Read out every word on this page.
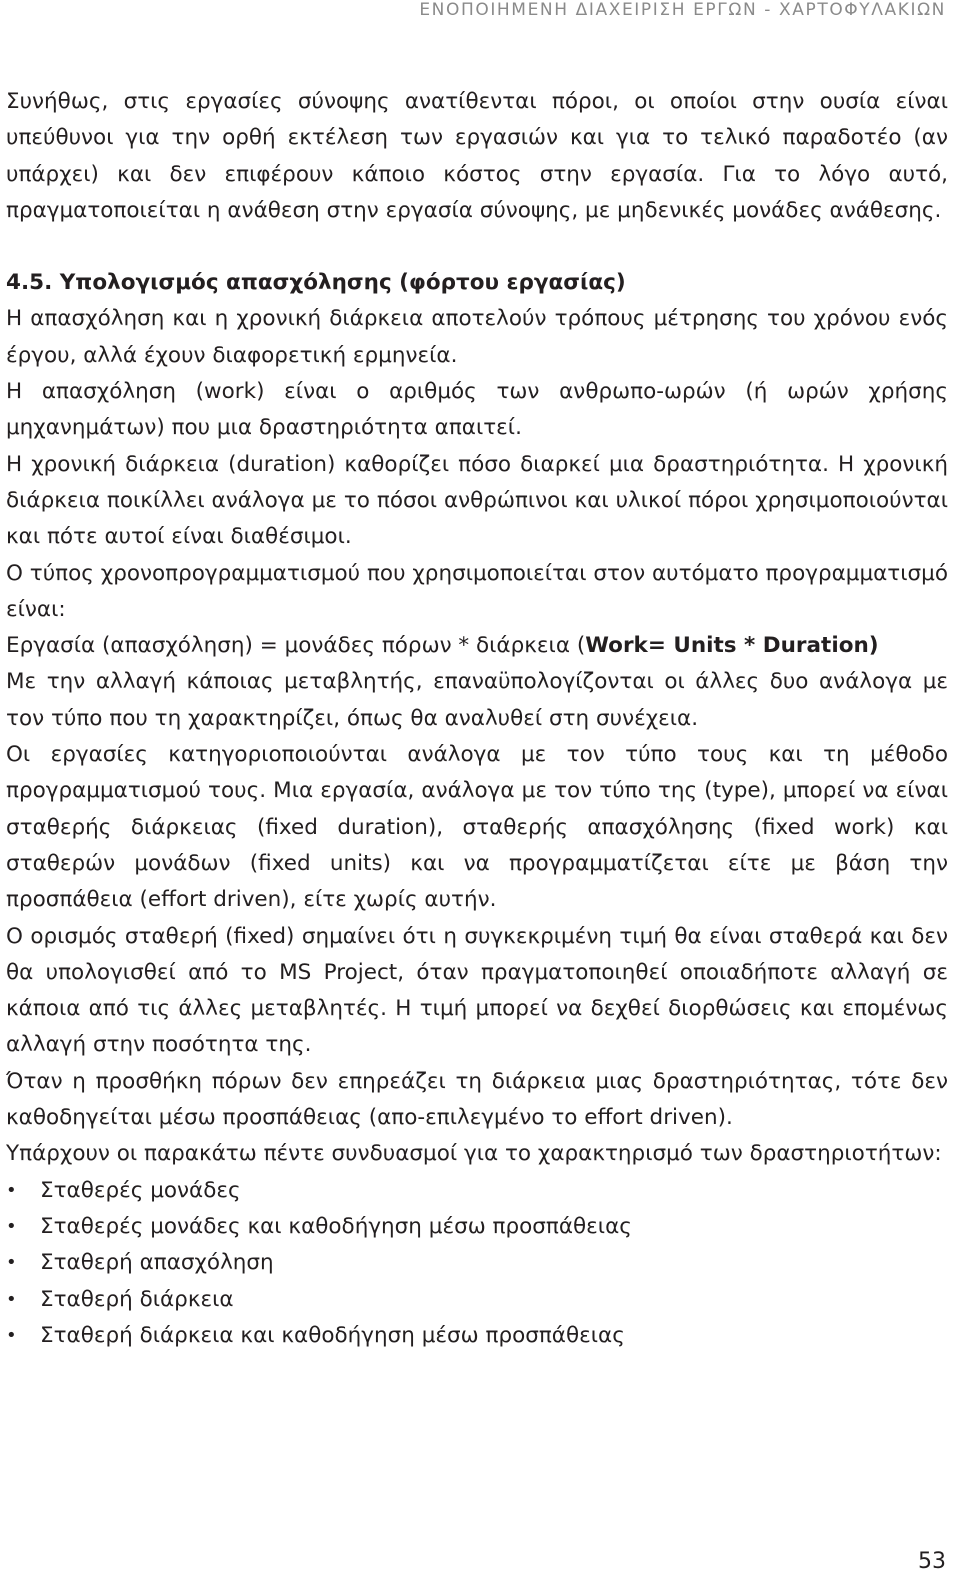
ΕΝΟΠΟΙΗΜΕΝΗ ΔΙΑΧΕΙΡΙΣΗ ΕΡΓΩΝ - ΧΑΡΤΟΦΥΛΑΚΙΩΝ

Συνήθως, στις εργασίες σύνοψης ανατίθενται πόροι, οι οποίοι στην ουσία είναι υπεύθυνοι για την ορθή εκτέλεση των εργασιών και για το τελικό παραδοτέο (αν υπάρχει) και δεν επιφέρουν κάποιο κόστος στην εργασία. Για το λόγο αυτό, πραγματοποιείται η ανάθεση στην εργασία σύνοψης, με μηδενικές μονάδες ανάθεσης.

4.5. Υπολογισμός απασχόλησης (φόρτου εργασίας)

Η απασχόληση και η χρονική διάρκεια αποτελούν τρόπους μέτρησης του χρόνου ενός έργου, αλλά έχουν διαφορετική ερμηνεία.

Η απασχόληση (work) είναι ο αριθμός των ανθρωπο-ωρών (ή ωρών χρήσης μηχανημάτων) που μια δραστηριότητα απαιτεί.

Η χρονική διάρκεια (duration) καθορίζει πόσο διαρκεί μια δραστηριότητα. Η χρονική διάρκεια ποικίλλει ανάλογα με το πόσοι ανθρώπινοι και υλικοί πόροι χρησιμοποιούνται και πότε αυτοί είναι διαθέσιμοι.

Ο τύπος χρονοπρογραμματισμού που χρησιμοποιείται στον αυτόματο προγραμματισμό είναι:

Εργασία (απασχόληση) = μονάδες πόρων * διάρκεια (Work= Units * Duration)

Με την αλλαγή κάποιας μεταβλητής, επαναϋπολογίζονται οι άλλες δυο ανάλογα με τον τύπο που τη χαρακτηρίζει, όπως θα αναλυθεί στη συνέχεια.

Οι εργασίες κατηγοριοποιούνται ανάλογα με τον τύπο τους και τη μέθοδο προγραμματισμού τους. Μια εργασία, ανάλογα με τον τύπο της (type), μπορεί να είναι σταθερής διάρκειας (fixed duration), σταθερής απασχόλησης (fixed work) και σταθερών μονάδων (fixed units) και να προγραμματίζεται είτε με βάση την προσπάθεια (effort driven), είτε χωρίς αυτήν.

Ο ορισμός σταθερή (fixed) σημαίνει ότι η συγκεκριμένη τιμή θα είναι σταθερά και δεν θα υπολογισθεί από το MS Project, όταν πραγματοποιηθεί οποιαδήποτε αλλαγή σε κάποια από τις άλλες μεταβλητές. Η τιμή μπορεί να δεχθεί διορθώσεις και επομένως αλλαγή στην ποσότητα της.

Όταν η προσθήκη πόρων δεν επηρεάζει τη διάρκεια μιας δραστηριότητας, τότε δεν καθοδηγείται μέσω προσπάθειας (απο-επιλεγμένο το effort driven).

Υπάρχουν οι παρακάτω πέντε συνδυασμοί για το χαρακτηρισμό των δραστηριοτήτων:

• Σταθερές μονάδες
• Σταθερές μονάδες και καθοδήγηση μέσω προσπάθειας
• Σταθερή απασχόληση
• Σταθερή διάρκεια
• Σταθερή διάρκεια και καθοδήγηση μέσω προσπάθειας
53
